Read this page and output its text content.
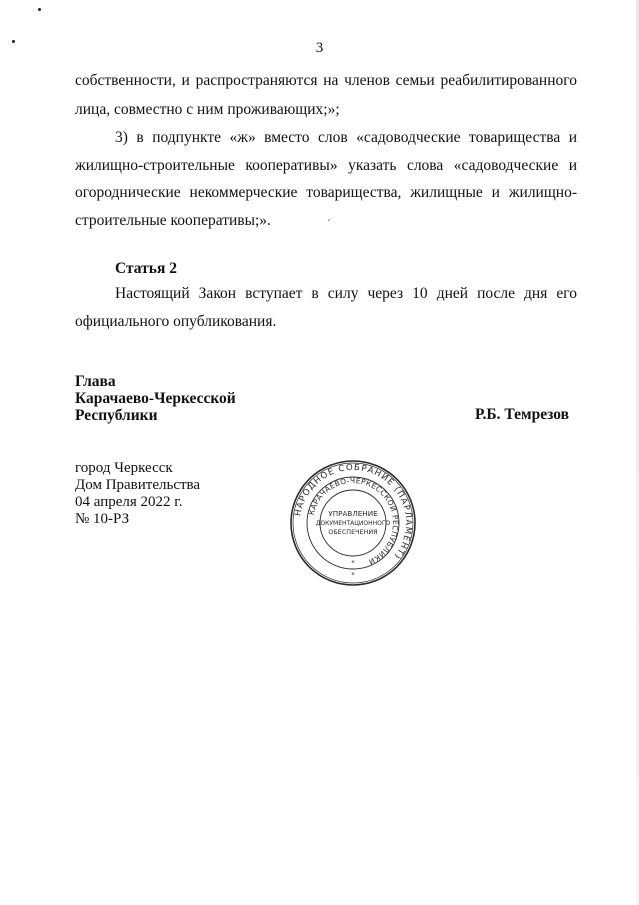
3
собственности, и распространяются на членов семьи реабилитированного
лица, совместно с ним проживающих;»;
3) в подпункте «ж» вместо слов «садоводческие товарищества и
жилищно-строительные кооперативы» указать слова «садоводческие и
огороднические некоммерческие товарищества, жилищные и жилищно-
строительные кооперативы;».	ˊ
Статья 2
Настоящий Закон вступает в силу через 10 дней после дня его
официального опубликования.
Глава
Карачаево-Черкесской
Республики	Р.Б. Темрезов
город Черкесск
Дом Правительства
04 апреля 2022 г.
№ 10-РЗ	НАРОДНОЕ СОБРАНИЕ (ПАРЛАМЕНТ)
КАРАЧАЕВО-ЧЕРКЕССКОЙ РЕСПУБЛИКИ
УПРАВЛЕНИЕ
ДОКУМЕНТАЦИОННОГО
ОБЕСПЕЧЕНИЯ
*
*
